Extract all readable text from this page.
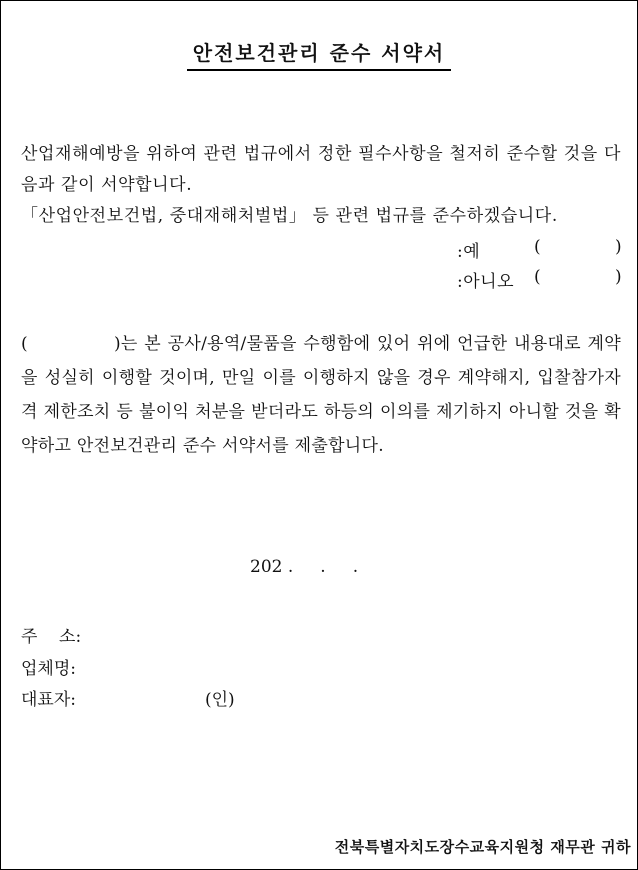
안전보건관리 준수 서약서

산업재해예방을 위하여 관련 법규에서 정한 필수사항을 철저히 준수할 것을 다음과 같이 서약합니다.

「산업안전보건법, 중대재해처벌법」 등 관련 법규를 준수하겠습니다.

:예	(	)
:아니오 (	)
(	)는 본 공사/용역/물품을 수행함에 있어 위에 언급한 내용대로 계약을 성실히 이행할 것이며, 만일 이를 이행하지 않을 경우 계약해지, 입찰참가자격 제한조치 등 불이익 처분을 받더라도 하등의 이의를 제기하지 아니할 것을 확약하고 안전보건관리 준수 서약서를 제출합니다.
202 .     .     .
주    소:
업체명:
대표자:	(인)
전북특별자치도장수교육지원청 재무관 귀하
